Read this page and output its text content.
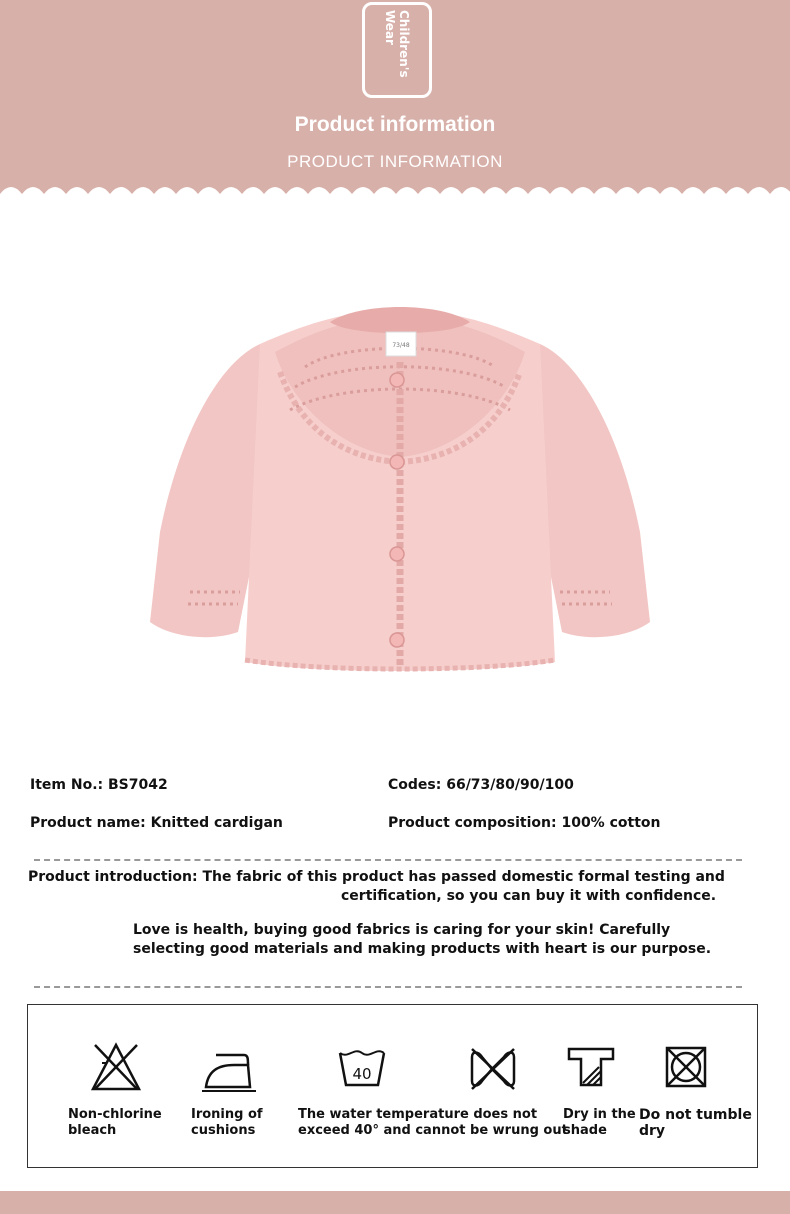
Children's
Wear
Product information
PRODUCT INFORMATION
73/48
Item No.: BS7042	Codes: 66/73/80/90/100
Product name: Knitted cardigan	Product composition: 100% cotton
Product introduction: The fabric of this product has passed domestic formal testing and
certification, so you can buy it with confidence.
Love is health, buying good fabrics is caring for your skin! Carefully
selecting good materials and making products with heart is our purpose.
Non-chlorine
bleach
Ironing of
cushions
40
The water temperature does not
exceed 40° and cannot be wrung out
Dry in the
shade
Do not tumble
dry
